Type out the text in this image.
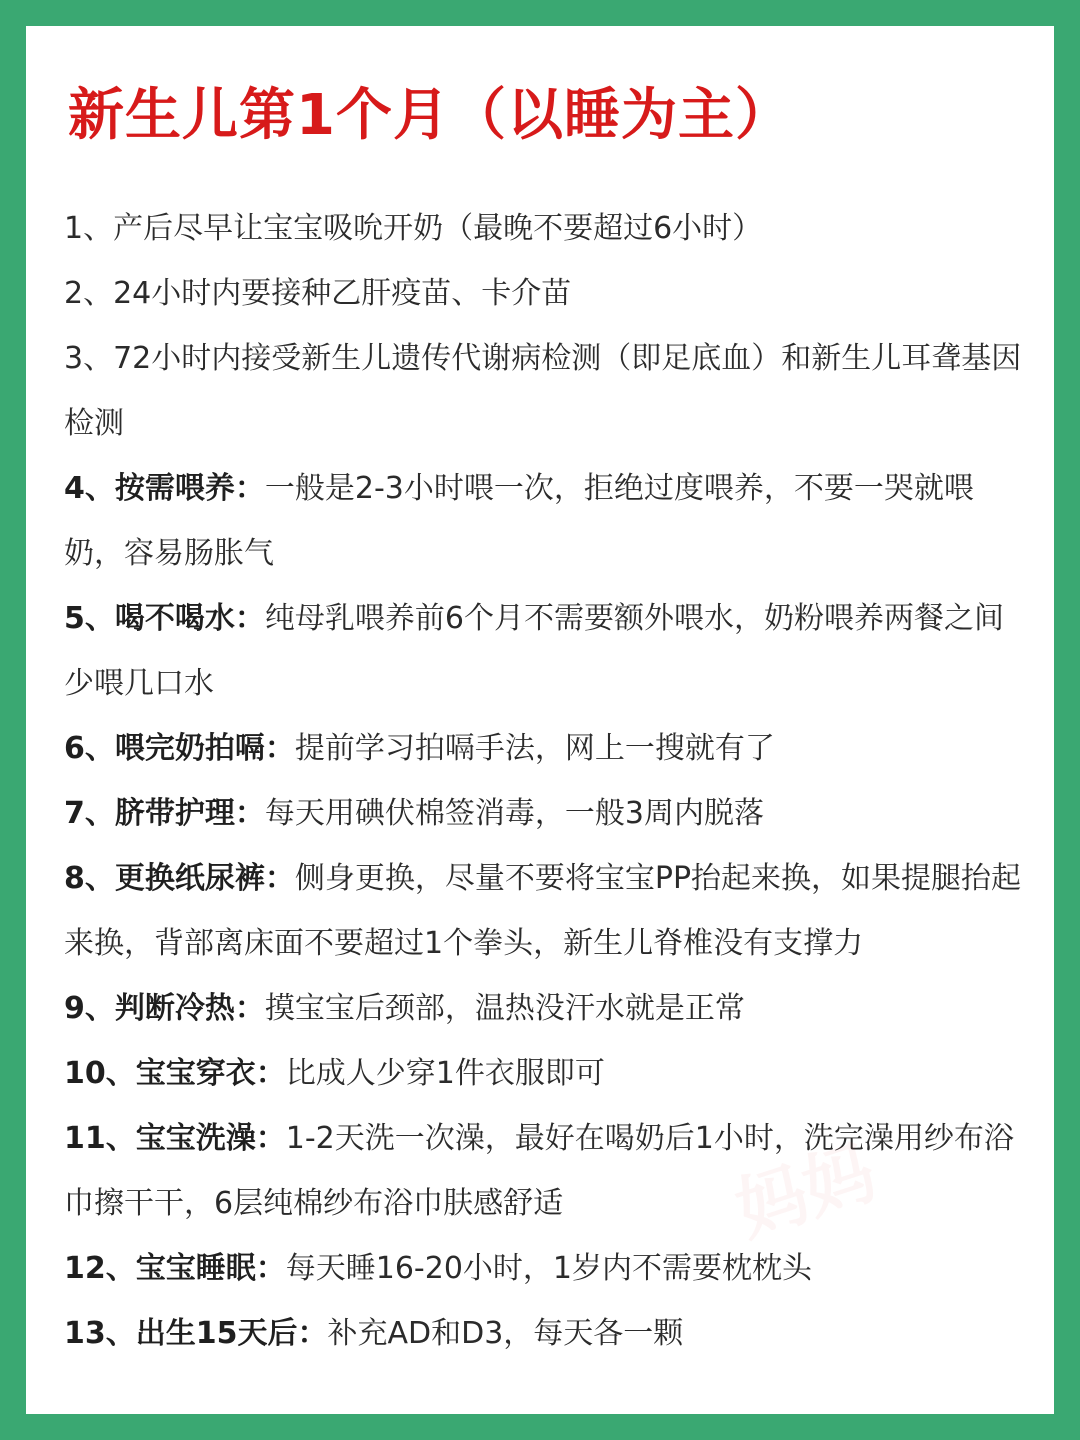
新生儿第1个月（以睡为主）
1、产后尽早让宝宝吸吮开奶（最晚不要超过6小时）
2、24小时内要接种乙肝疫苗、卡介苗
3、72小时内接受新生儿遗传代谢病检测（即足底血）和新生儿耳聋基因检测
4、按需喂养：一般是2-3小时喂一次，拒绝过度喂养，不要一哭就喂奶，容易肠胀气
5、喝不喝水：纯母乳喂养前6个月不需要额外喂水，奶粉喂养两餐之间少喂几口水
6、喂完奶拍嗝：提前学习拍嗝手法，网上一搜就有了
7、脐带护理：每天用碘伏棉签消毒，一般3周内脱落
8、更换纸尿裤：侧身更换，尽量不要将宝宝PP抬起来换，如果提腿抬起来换，背部离床面不要超过1个拳头，新生儿脊椎没有支撑力
9、判断冷热：摸宝宝后颈部，温热没汗水就是正常
10、宝宝穿衣：比成人少穿1件衣服即可
11、宝宝洗澡：1-2天洗一次澡，最好在喝奶后1小时，洗完澡用纱布浴巾擦干干，6层纯棉纱布浴巾肤感舒适
12、宝宝睡眠：每天睡16-20小时，1岁内不需要枕枕头
13、出生15天后：补充AD和D3，每天各一颗
妈妈
